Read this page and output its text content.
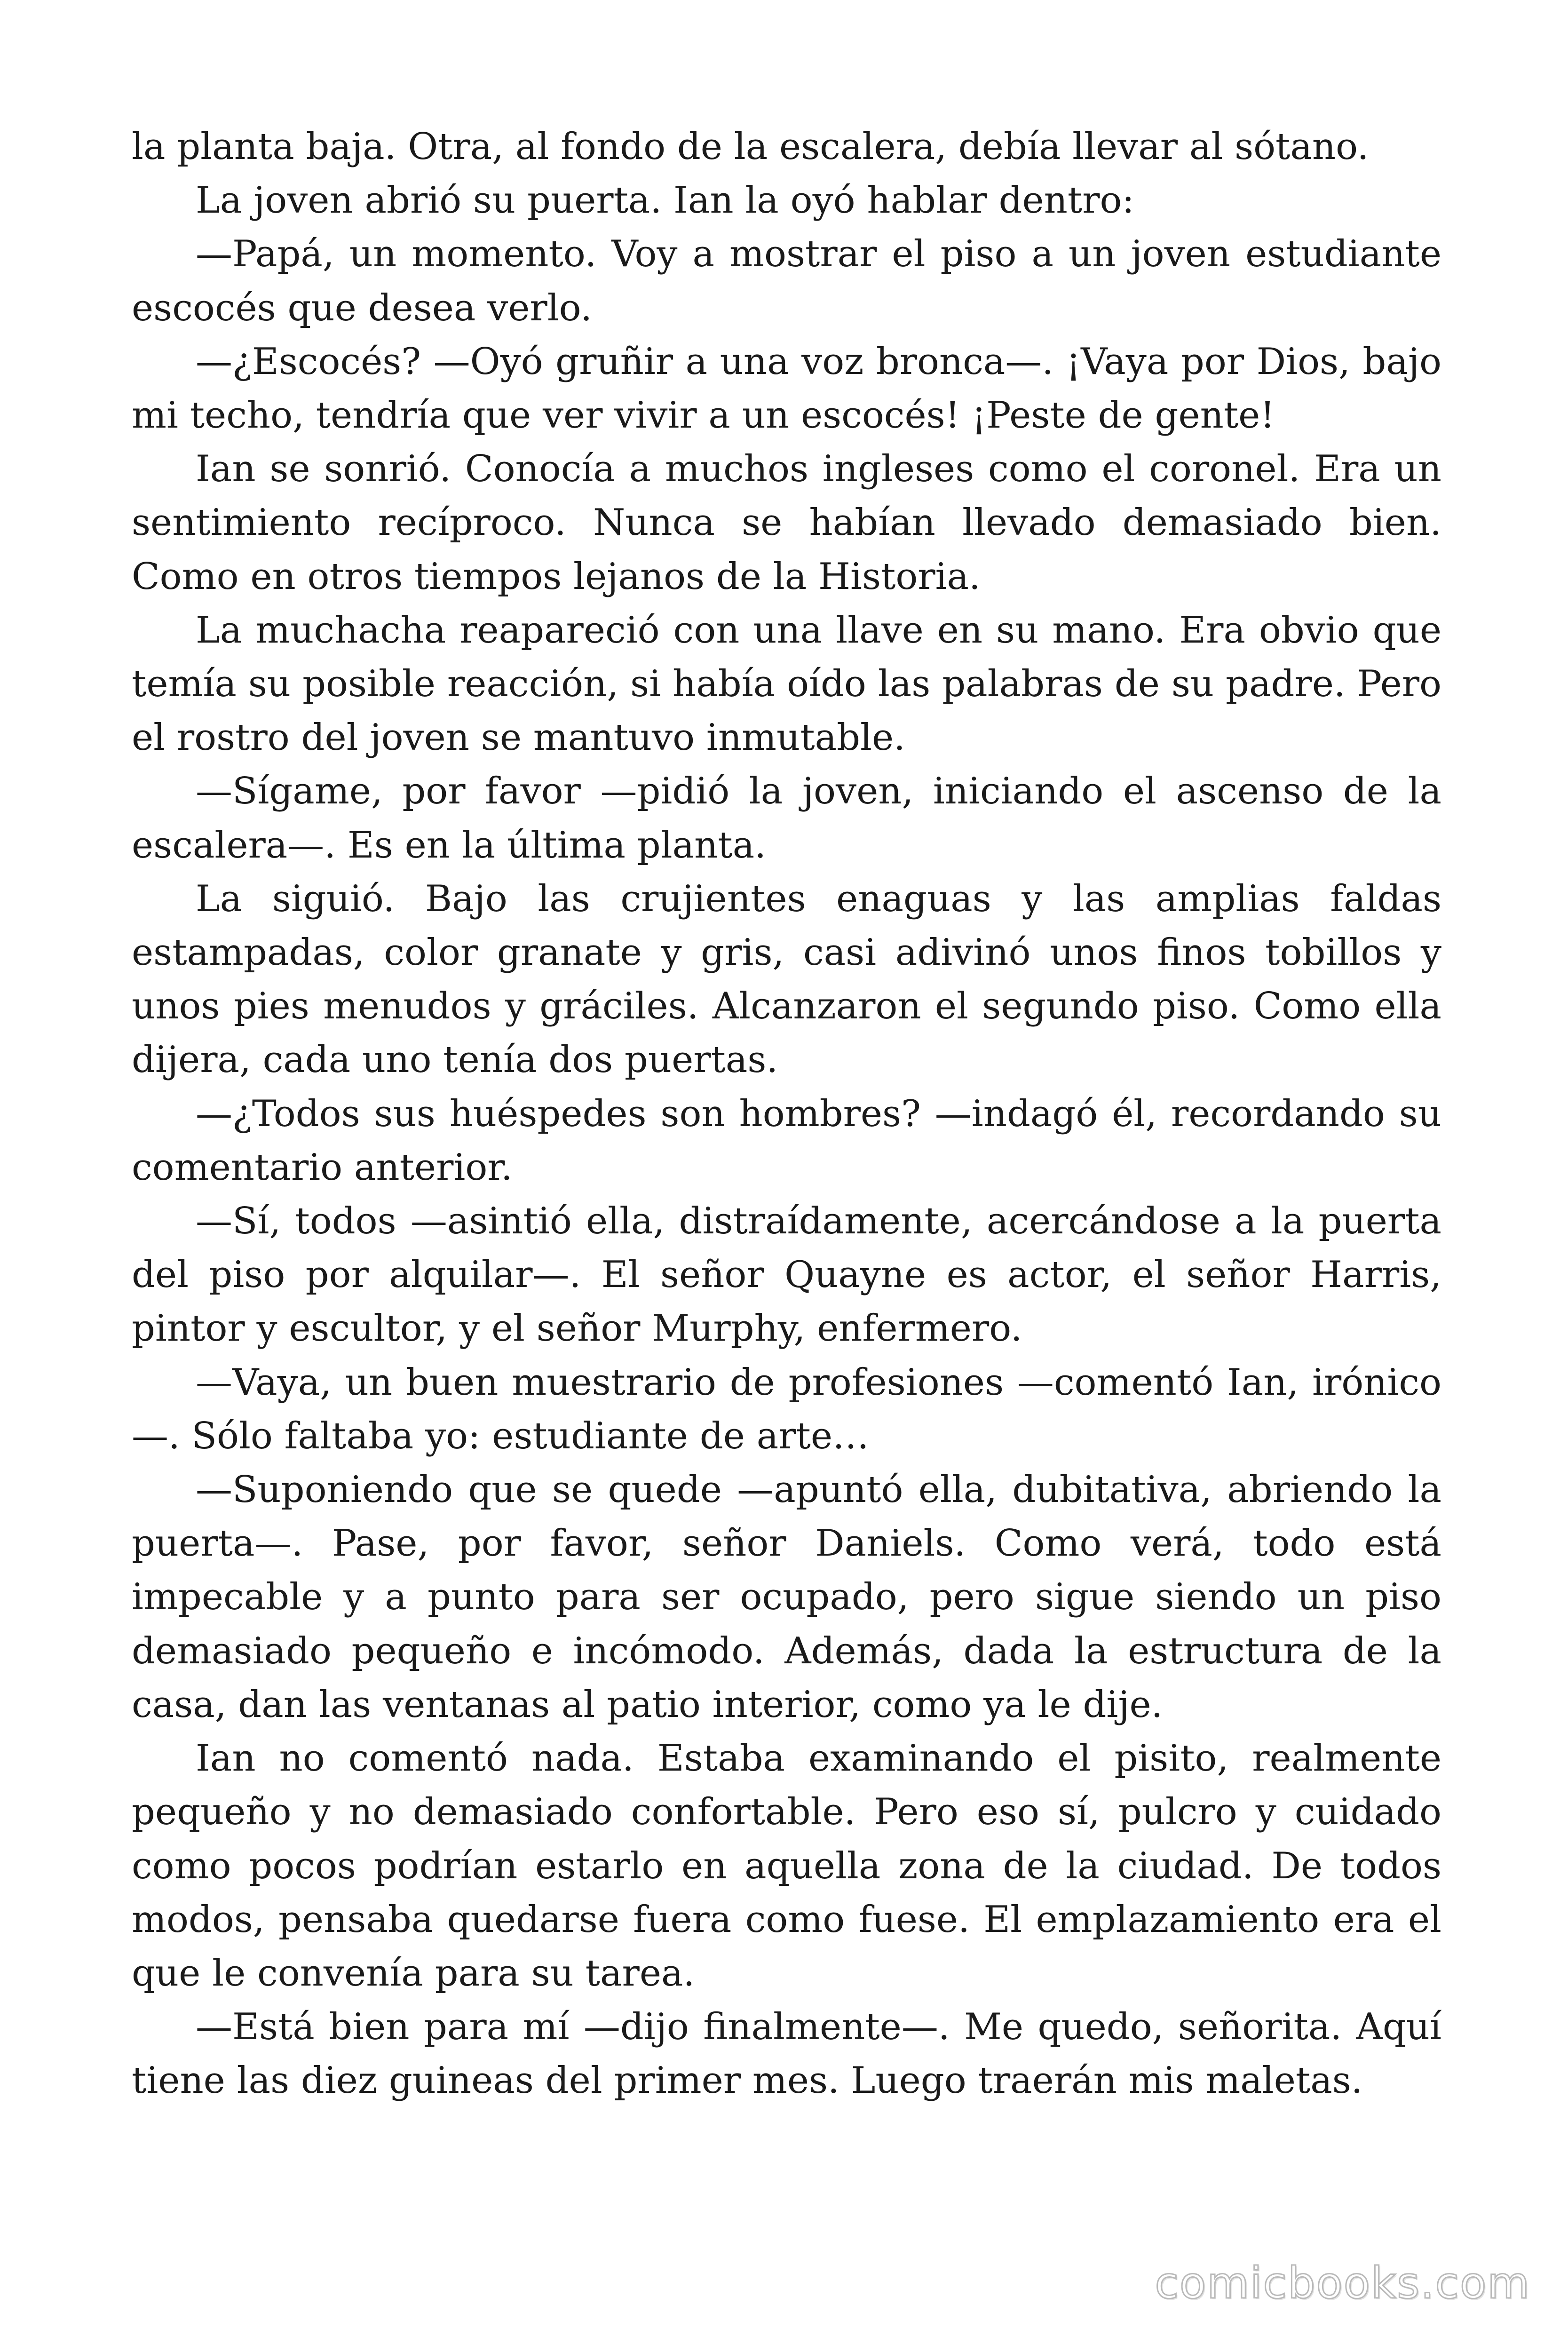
la planta baja. Otra, al fondo de la escalera, debía llevar al sótano.

La joven abrió su puerta. Ian la oyó hablar dentro:

—Papá, un momento. Voy a mostrar el piso a un joven estudiante escocés que desea verlo.

—¿Escocés? —Oyó gruñir a una voz bronca—. ¡Vaya por Dios, bajo mi techo, tendría que ver vivir a un escocés! ¡Peste de gente!

Ian se sonrió. Conocía a muchos ingleses como el coronel. Era un sentimiento recíproco. Nunca se habían llevado demasiado bien. Como en otros tiempos lejanos de la Historia.

La muchacha reapareció con una llave en su mano. Era obvio que temía su posible reacción, si había oído las palabras de su padre. Pero el rostro del joven se mantuvo inmutable.

—Sígame, por favor —pidió la joven, iniciando el ascenso de la escalera—. Es en la última planta.

La siguió. Bajo las crujientes enaguas y las amplias faldas estampadas, color granate y gris, casi adivinó unos finos tobillos y unos pies menudos y gráciles. Alcanzaron el segundo piso. Como ella dijera, cada uno tenía dos puertas.

—¿Todos sus huéspedes son hombres? —indagó él, recordando su comentario anterior.

—Sí, todos —asintió ella, distraídamente, acercándose a la puerta del piso por alquilar—. El señor Quayne es actor, el señor Harris, pintor y escultor, y el señor Murphy, enfermero.

—Vaya, un buen muestrario de profesiones —comentó Ian, irónico—. Sólo faltaba yo: estudiante de arte…

—Suponiendo que se quede —apuntó ella, dubitativa, abriendo la puerta—. Pase, por favor, señor Daniels. Como verá, todo está impecable y a punto para ser ocupado, pero sigue siendo un piso demasiado pequeño e incómodo. Además, dada la estructura de la casa, dan las ventanas al patio interior, como ya le dije.

Ian no comentó nada. Estaba examinando el pisito, realmente pequeño y no demasiado confortable. Pero eso sí, pulcro y cuidado como pocos podrían estarlo en aquella zona de la ciudad. De todos modos, pensaba quedarse fuera como fuese. El emplazamiento era el que le convenía para su tarea.

—Está bien para mí —dijo finalmente—. Me quedo, señorita. Aquí tiene las diez guineas del primer mes. Luego traerán mis maletas.

comicbooks.com
